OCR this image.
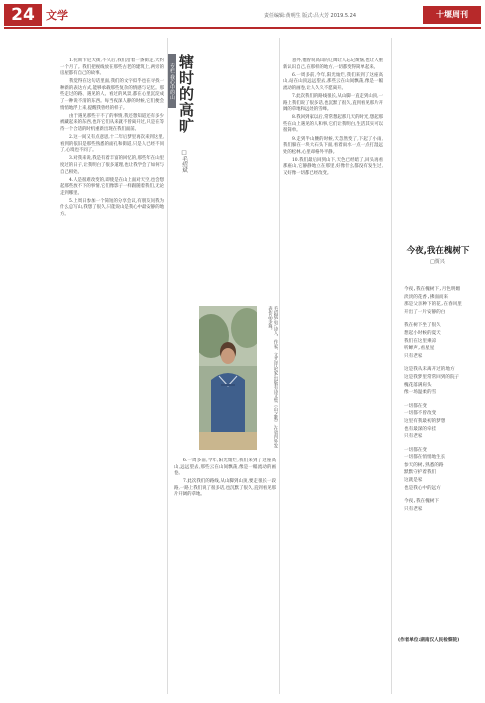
24	文学	责任编辑:黄明生 版式:吕大芳 2019.5.24	十堰周刊

1.托斯卡尼大街,不久后,我们沿着一条街走,大约一个月了。我们把视线放在那些古老的建筑上,两旁的房屋都有自己的故事。

我觉得在这句话里面,我们的文字似乎也在寻找一种新的表达方式,能够承载那些复杂的情感与记忆。那些走过的路、遇见的人、看过的风景,都在心里沉淀成了一种说不清的东西。每当夜深人静的时候,它们便会悄悄地浮上来,提醒我曾经的样子。

由于遇见那些干不了的事情,我还想知道还有多少被藏起来的东西,也许它们从来就不曾离开过,只是在等待一个合适的时机重新出现在我们面前。

2.这一间又有点意思,十二年后梦里再次来到这里,看到的依旧是那些熟悉的面孔和街道,只是人已经不同了,心境也不同了。

3.对我来说,我是有着丰富的回忆的,那些年在山里度过的日子,让我明白了很多道理,也让我学会了如何与自己相处。

4.人是很难改变的,即使是在山上面对天空,也会想起那些放不下的事情,它们像影子一样跟随着我们,无论走到哪里。

5.上周日参加一个简短的分享会议,有朋友问我为什么总写山,我想了很久,只能说山是我心中最安静的地方。

专栏 我心中的山 辖时的高旷
□毛绍斌
毛绍斌,男,诗人、作家、文艺评论家,出版有诗文集《山之歌》,在省内外发表作品多篇。

6.一周多前,今年,阳光灿烂,我们来到了这座高山,远远望去,那些云在山间飘荡,像是一幅流动的画卷。

7.此次我们的路线,从山脚到山顶,要走很长一段路,一路上我们说了很多话,也沉默了很久,直到看见那片开阔的草地。

意外,他曾说高山的辽阔让人忘记烦恼,也让人重新认识自己,在那样的地方,一切都变得简单起来。

6.一周多前,今年,阳光灿烂,我们来到了这座高山,站在山顶远远望去,那些云在山间飘荡,像是一幅流动的画卷,让人久久不愿离开。

7.此次我们的路线很长,从山脚一直走到山顶,一路上我们说了很多话,也沉默了很久,直到看见那片开阔的草地和远处的雪峰。

8.我回到家以后,常常想起那几天的时光,想起那些在山上遇见的人和事,它们让我明白,生活其实可以很简单。

9.走到半山腰的时候,天忽然变了,下起了小雨,我们躲在一块大石头下面,看着雨水一点一点打湿远处的松林,心里却格外平静。

10.我们最后回到山下,天色已经暗了,回头再看那座山,它静静地立在那里,好像什么都没有发生过,又好像一切都已经改变。

今夜,我在槐树下
□贾兴
今夜,我在槐树下,月色明媚
淡淡的花香,拂面而来
那是父亲种下的花,在春风里
开出了一片安静的白
我在树下坐了很久
想起小时候的夏天
我们在这里乘凉
听蝉声,看星星
只有老家
这是我从未离开过的地方
这是我梦里常常回到的院子
槐花落满肩头
像一场温柔的雪
一切都在变
一切都不曾改变
这里有我最初的梦想
也有最深的牵挂
只有老家
一切都在变
一切都在悄悄地生长
参天的树,熟悉的路
默默守护着我们
这就是家
也是我心中的远方
今夜,我在槐树下
只有老家
(作者单位:湖南汉人民检察院)
